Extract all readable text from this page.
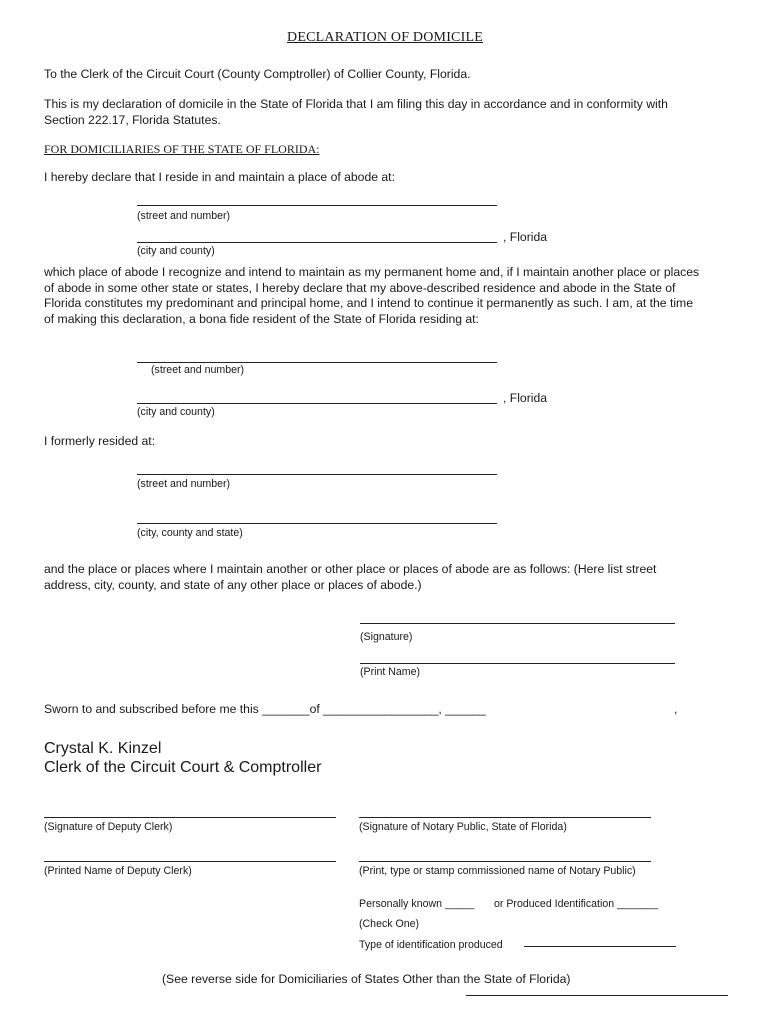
DECLARATION OF DOMICILE
To the Clerk of the Circuit Court (County Comptroller) of Collier County, Florida.
This is my declaration of domicile in the State of Florida that I am filing this day in accordance and in conformity with Section 222.17, Florida Statutes.
FOR DOMICILIARIES OF THE STATE OF FLORIDA:
I hereby declare that I reside in and maintain a place of abode at:
(street and number)
, Florida
(city and county)
which place of abode I recognize and intend to maintain as my permanent home and, if I maintain another place or places of abode in some other state or states, I hereby declare that my above-described residence and abode in the State of Florida constitutes my predominant and principal home, and I intend to continue it permanently as such. I am, at the time of making this declaration, a bona fide resident of the State of Florida residing at:
(street and number)
, Florida
(city and county)
I formerly resided at:
(street and number)
(city, county and state)
and the place or places where I maintain another or other place or places of abode are as follows: (Here list street address, city, county, and state of any other place or places of abode.)
(Signature)
(Print Name)
Sworn to and subscribed before me this _______of _________________, ______	,
Crystal K. Kinzel
Clerk of the Circuit Court & Comptroller
(Signature of Deputy Clerk)	(Signature of Notary Public, State of Florida)
(Printed Name of Deputy Clerk)	(Print, type or stamp commissioned name of Notary Public)
Personally known _____ or Produced Identification _______
(Check One)
Type of identification produced
(See reverse side for Domiciliaries of States Other than the State of Florida)
